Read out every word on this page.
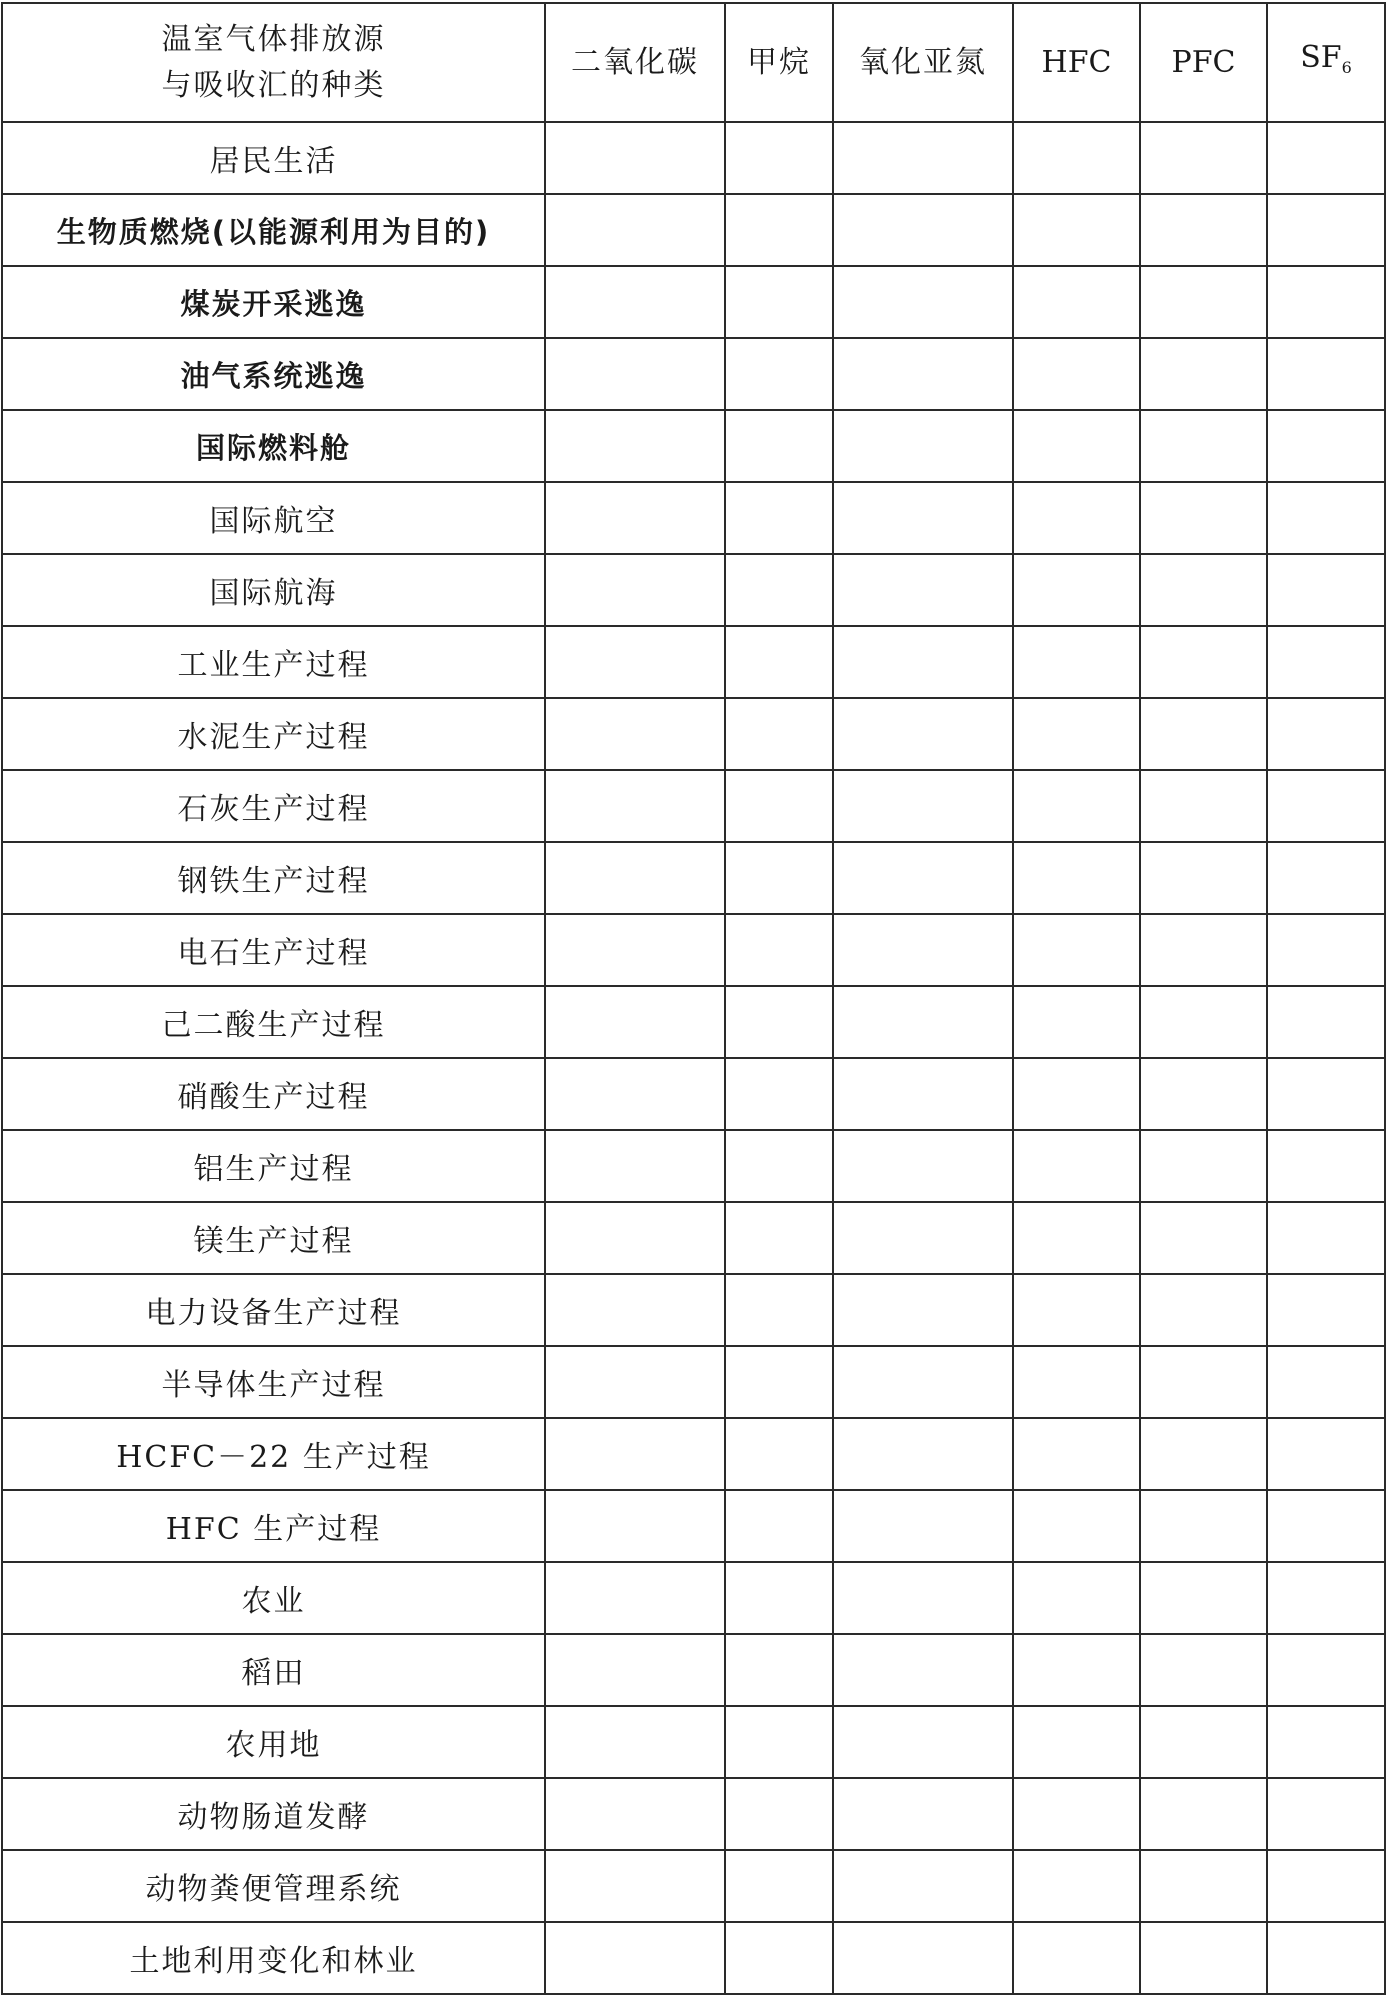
温室气体排放源
与吸收汇的种类	二氧化碳	甲烷	氧化亚氮	HFC	PFC	$SF_6$
居民生活						
生物质燃烧(以能源利用为目的)						
煤炭开采逃逸						
油气系统逃逸						
国际燃料舱						
国际航空						
国际航海						
工业生产过程						
水泥生产过程						
石灰生产过程						
钢铁生产过程						
电石生产过程						
己二酸生产过程						
硝酸生产过程						
铝生产过程						
镁生产过程						
电力设备生产过程						
半导体生产过程						
HCFC－22 生产过程						
HFC 生产过程						
农业						
稻田						
农用地						
动物肠道发酵						
动物粪便管理系统						
土地利用变化和林业						
